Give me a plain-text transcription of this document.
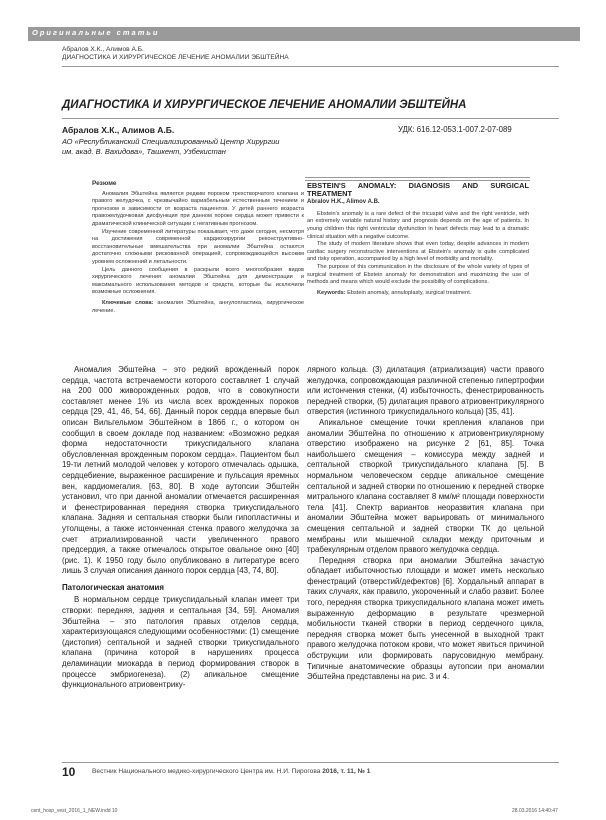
Оригинальные статьи
Абралов Х.К., Алимов А.Б.
ДИАГНОСТИКА И ХИРУРГИЧЕСКОЕ ЛЕЧЕНИЕ АНОМАЛИИ ЭБШТЕЙНА
ДИАГНОСТИКА И ХИРУРГИЧЕСКОЕ ЛЕЧЕНИЕ АНОМАЛИИ ЭБШТЕЙНА
Абралов Х.К., Алимов А.Б.	УДК: 616.12-053.1-007.2-07-089
АО «Республиканский Специализированный Центр Хирургии
им. акад. В. Вахидова», Ташкент, Узбекистан
Резюме

Аномалия Эбштейна является редким пороком трехстворчатого клапана и правого желудочка, с чрезвычайно вариабельным естественным течением и прогнозом в зависимости от возраста пациентов. У детей раннего возраста правожелудочковая дисфункция при данном пороке сердца может привести к драматической клинической ситуации с негативным прогнозом.

Изучение современной литературы показывает, что даже сегодня, несмотря на достижения современной кардиохирургии реконструктивно-восстановительные вмешательства при аномалии Эбштейна остаются достаточно сложными рискованной операцией, сопровождающейся высоким уровнем осложнений и летальности.

Цель данного сообщения в раскрыли всего многообразия видов хирургического лечения аномалии Эбштейна для демонстрации и максимального использования методов и средств, которые бы исключили возможные осложнения.

Ключевые слова: аномалия Эбштейна, аннулопластика, хирургическое лечение.

EBSTEIN'S ANOMALY: DIAGNOSIS AND SURGICAL TREATMENT
Abralov H.K., Alimov A.B.

Ebstein's anomaly is a rare defect of the tricuspid valve and the right ventricle, with an extremely variable natural history and prognosis depends on the age of patients. In young children this right ventricular dysfunction in heart defects may lead to a dramatic clinical situation with a negative outcome.

The study of modern literature shows that even today, despite advances in modern cardiac surgery reconstructive interventions at Ebstein's anomaly is quite complicated and risky operation, accompanied by a high level of morbidity and mortality.

The purpose of this communication in the disclosure of the whole variety of types of surgical treatment of Ebstein anomaly for demonstration and maximizing the use of methods and means which would exclude the possibility of complications.

Keywords: Ebstein anomaly, annuloplasty, surgical treatment.

Аномалия Эбштейна – это редкий врожденный порок сердца, частота встречаемости которого составляет 1 случай на 200 000 живорожденных родов, что в совокупности составляет менее 1% из числа всех врожденных пороков сердца [29, 41, 46, 54, 66]. Данный порок сердца впервые был описан Вильгельмом Эбштейном в 1866 г., о котором он сообщил в своем докладе под названием: «Возможно редкая форма недостаточности трикуспидального клапана обусловленная врожденным пороком сердца». Пациентом был 19-ти летний молодой человек у которого отмечалась одышка, сердцебиение, выраженное расширение и пульсация яремных вен, кардиомегалия. [63, 80]. В ходе аутопсии Эбштейн установил, что при данной аномалии отмечается расширенная и фенестрированная передняя створка трикуспидального клапана. Задняя и септальная створки были гипопластичны и утолщены, а также истонченная стенка правого желудочка за счет атриализированной части увеличенного правого предсердия, а также отмечалось открытое овальное окно [40] (рис. 1). К 1950 году было опубликовано в литературе всего лишь 3 случая описания данного порок сердца [43, 74, 80].

Патологическая анатомия

В нормальном сердце трикуспидальный клапан имеет три створки: передняя, задняя и септальная [34, 59]. Аномалия Эбштейна – это патология правых отделов сердца, характеризующаяся следующими особенностями: (1) смещение (дистопия) септальной и задней створки трикуспидального клапана (причина которой в нарушениях процесса деламинации миокарда в период формирования створок в процессе эмбриогенеза). (2) апикальное смещение функционального атриовентрику-

лярного кольца. (3) дилатация (атриализация) части правого желудочка, сопровождающая различной степенью гипертрофии или истончения стенки, (4) избыточность, фенестрированность передней створки, (5) дилатация правого атриовентрикулярного отверстия (истинного трикуспидального кольца) [35, 41].

Апикальное смещение точки крепления клапанов при аномалии Эбштейна по отношению к атриовентрикулярному отверстию изображено на рисунке 2 [61, 85]. Точка наибольшего смещения – комиссура между задней и септальной створкой трикуспидального клапана [5]. В нормальном человеческом сердце апикальное смещение септальной и задней створки по отношению к передней створке митрального клапана составляет 8 мм/м² площади поверхности тела [41]. Спектр вариантов неоразвития клапана при аномалии Эбштейна может варьировать от минимального смещения септальной и задней створки ТК до цельной мембраны или мышечной складки между приточным и трабекулярным отделом правого желудочка сердца.

Передняя створка при аномалии Эбштейна зачастую обладает избыточностью площади и может иметь несколько фенестраций (отверстий/дефектов) [6]. Хордальный аппарат в таких случаях, как правило, укороченный и слабо развит. Более того, передняя створка трикуспидального клапана может иметь выраженную деформацию в результате чрезмерной мобильности тканей створки в период сердечного цикла, передняя створка может быть унесенной в выходной тракт правого желудочка потоком крови, что может явиться причиной обструкции или формировать парусовидную мембрану. Типичные анатомические образцы аутопсии при аномалии Эбштейна представлены на рис. 3 и 4.

10	Вестник Национального медико-хирургического Центра им. Н.И. Пирогова 2016, т. 11, № 1
cent_hosp_vest_2016_1_NEW.indd 10	28.03.2016 14:40:47
